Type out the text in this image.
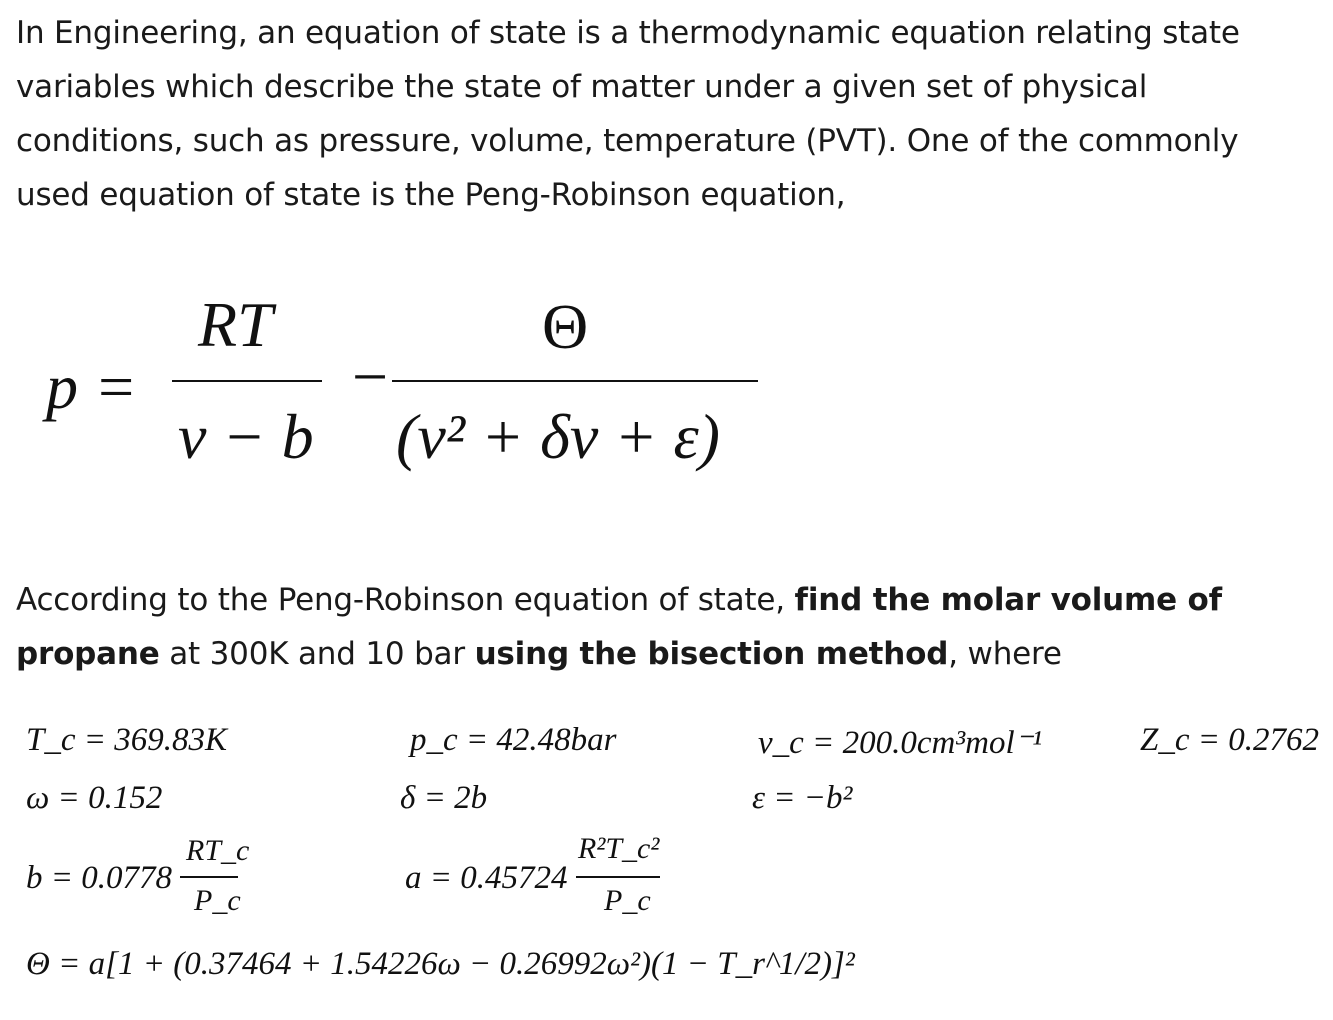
In Engineering, an equation of state is a thermodynamic equation relating state variables which describe the state of matter under a given set of physical conditions, such as pressure, volume, temperature (PVT). One of the commonly used equation of state is the Peng-Robinson equation,
p =
RT
v − b
−
Θ
(v² + δv + ε)
According to the Peng-Robinson equation of state, find the molar volume of propane at 300K and 10 bar using the bisection method, where
T_c = 369.83K	p_c = 42.48bar	v_c = 200.0cm³mol⁻¹	Z_c = 0.2762
ω = 0.152	δ = 2b	ε = −b²
b = 0.0778
RT_c
P_c
a = 0.45724
R²T_c²
P_c
Θ = a[1 + (0.37464 + 1.54226ω − 0.26992ω²)(1 − T_r^1/2)]²
